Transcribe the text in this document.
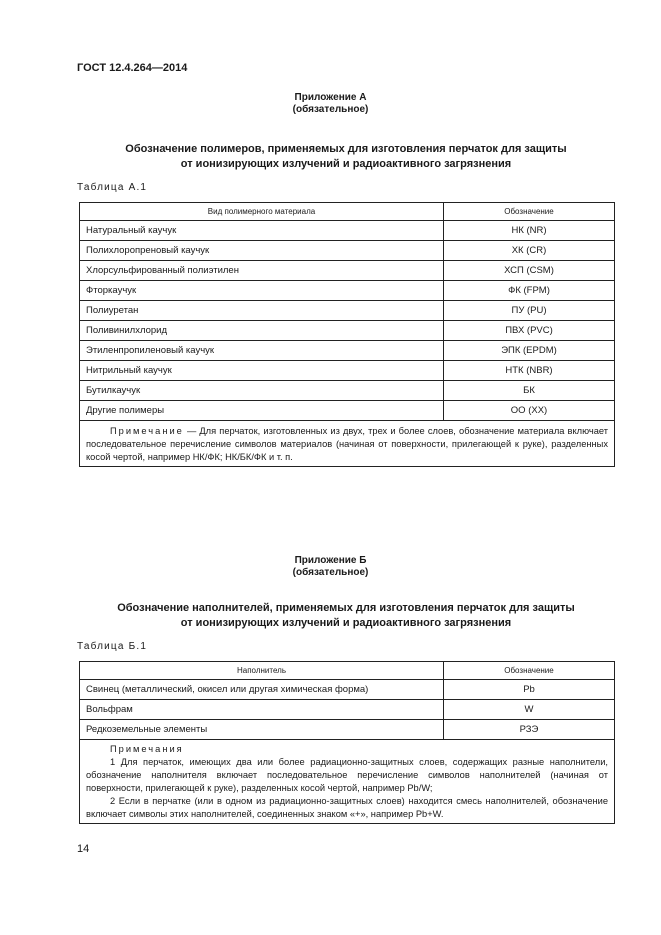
ГОСТ 12.4.264—2014
Приложение А
(обязательное)
Обозначение полимеров, применяемых для изготовления перчаток для защиты
от ионизирующих излучений и радиоактивного загрязнения
Таблица А.1
Вид полимерного материала	Обозначение
Натуральный каучук	НК (NR)
Полихлоропреновый каучук	ХК (CR)
Хлорсульфированный полиэтилен	ХСП (CSM)
Фторкаучук	ФК (FPM)
Полиуретан	ПУ (PU)
Поливинилхлорид	ПВХ (PVC)
Этиленпропиленовый каучук	ЭПК (EPDM)
Нитрильный каучук	НТК (NBR)
Бутилкаучук	БК
Другие полимеры	ОО (XX)
Примечание — Для перчаток, изготовленных из двух, трех и более слоев, обозначение материала включает последовательное перечисление символов материалов (начиная от поверхности, прилегающей к руке), разделенных косой чертой, например НК/ФК; НК/БК/ФК и т. п.	
Приложение Б
(обязательное)
Обозначение наполнителей, применяемых для изготовления перчаток для защиты
от ионизирующих излучений и радиоактивного загрязнения
Таблица Б.1
Наполнитель	Обозначение
Свинец (металлический, окисел или другая химическая форма)	Pb
Вольфрам	W
Редкоземельные элементы	РЗЭ

Примечания
1 Для перчаток, имеющих два или более радиационно-защитных слоев, содержащих разные наполнители, обозначение наполнителя включает последовательное перечисление символов наполнителей (начиная от поверхности, прилегающей к руке), разделенных косой чертой, например Pb/W;
2 Если в перчатке (или в одном из радиационно-защитных слоев) находится смесь наполнителей, обозначение включает символы этих наполнителей, соединенных знаком «+», например Pb+W.	
14
